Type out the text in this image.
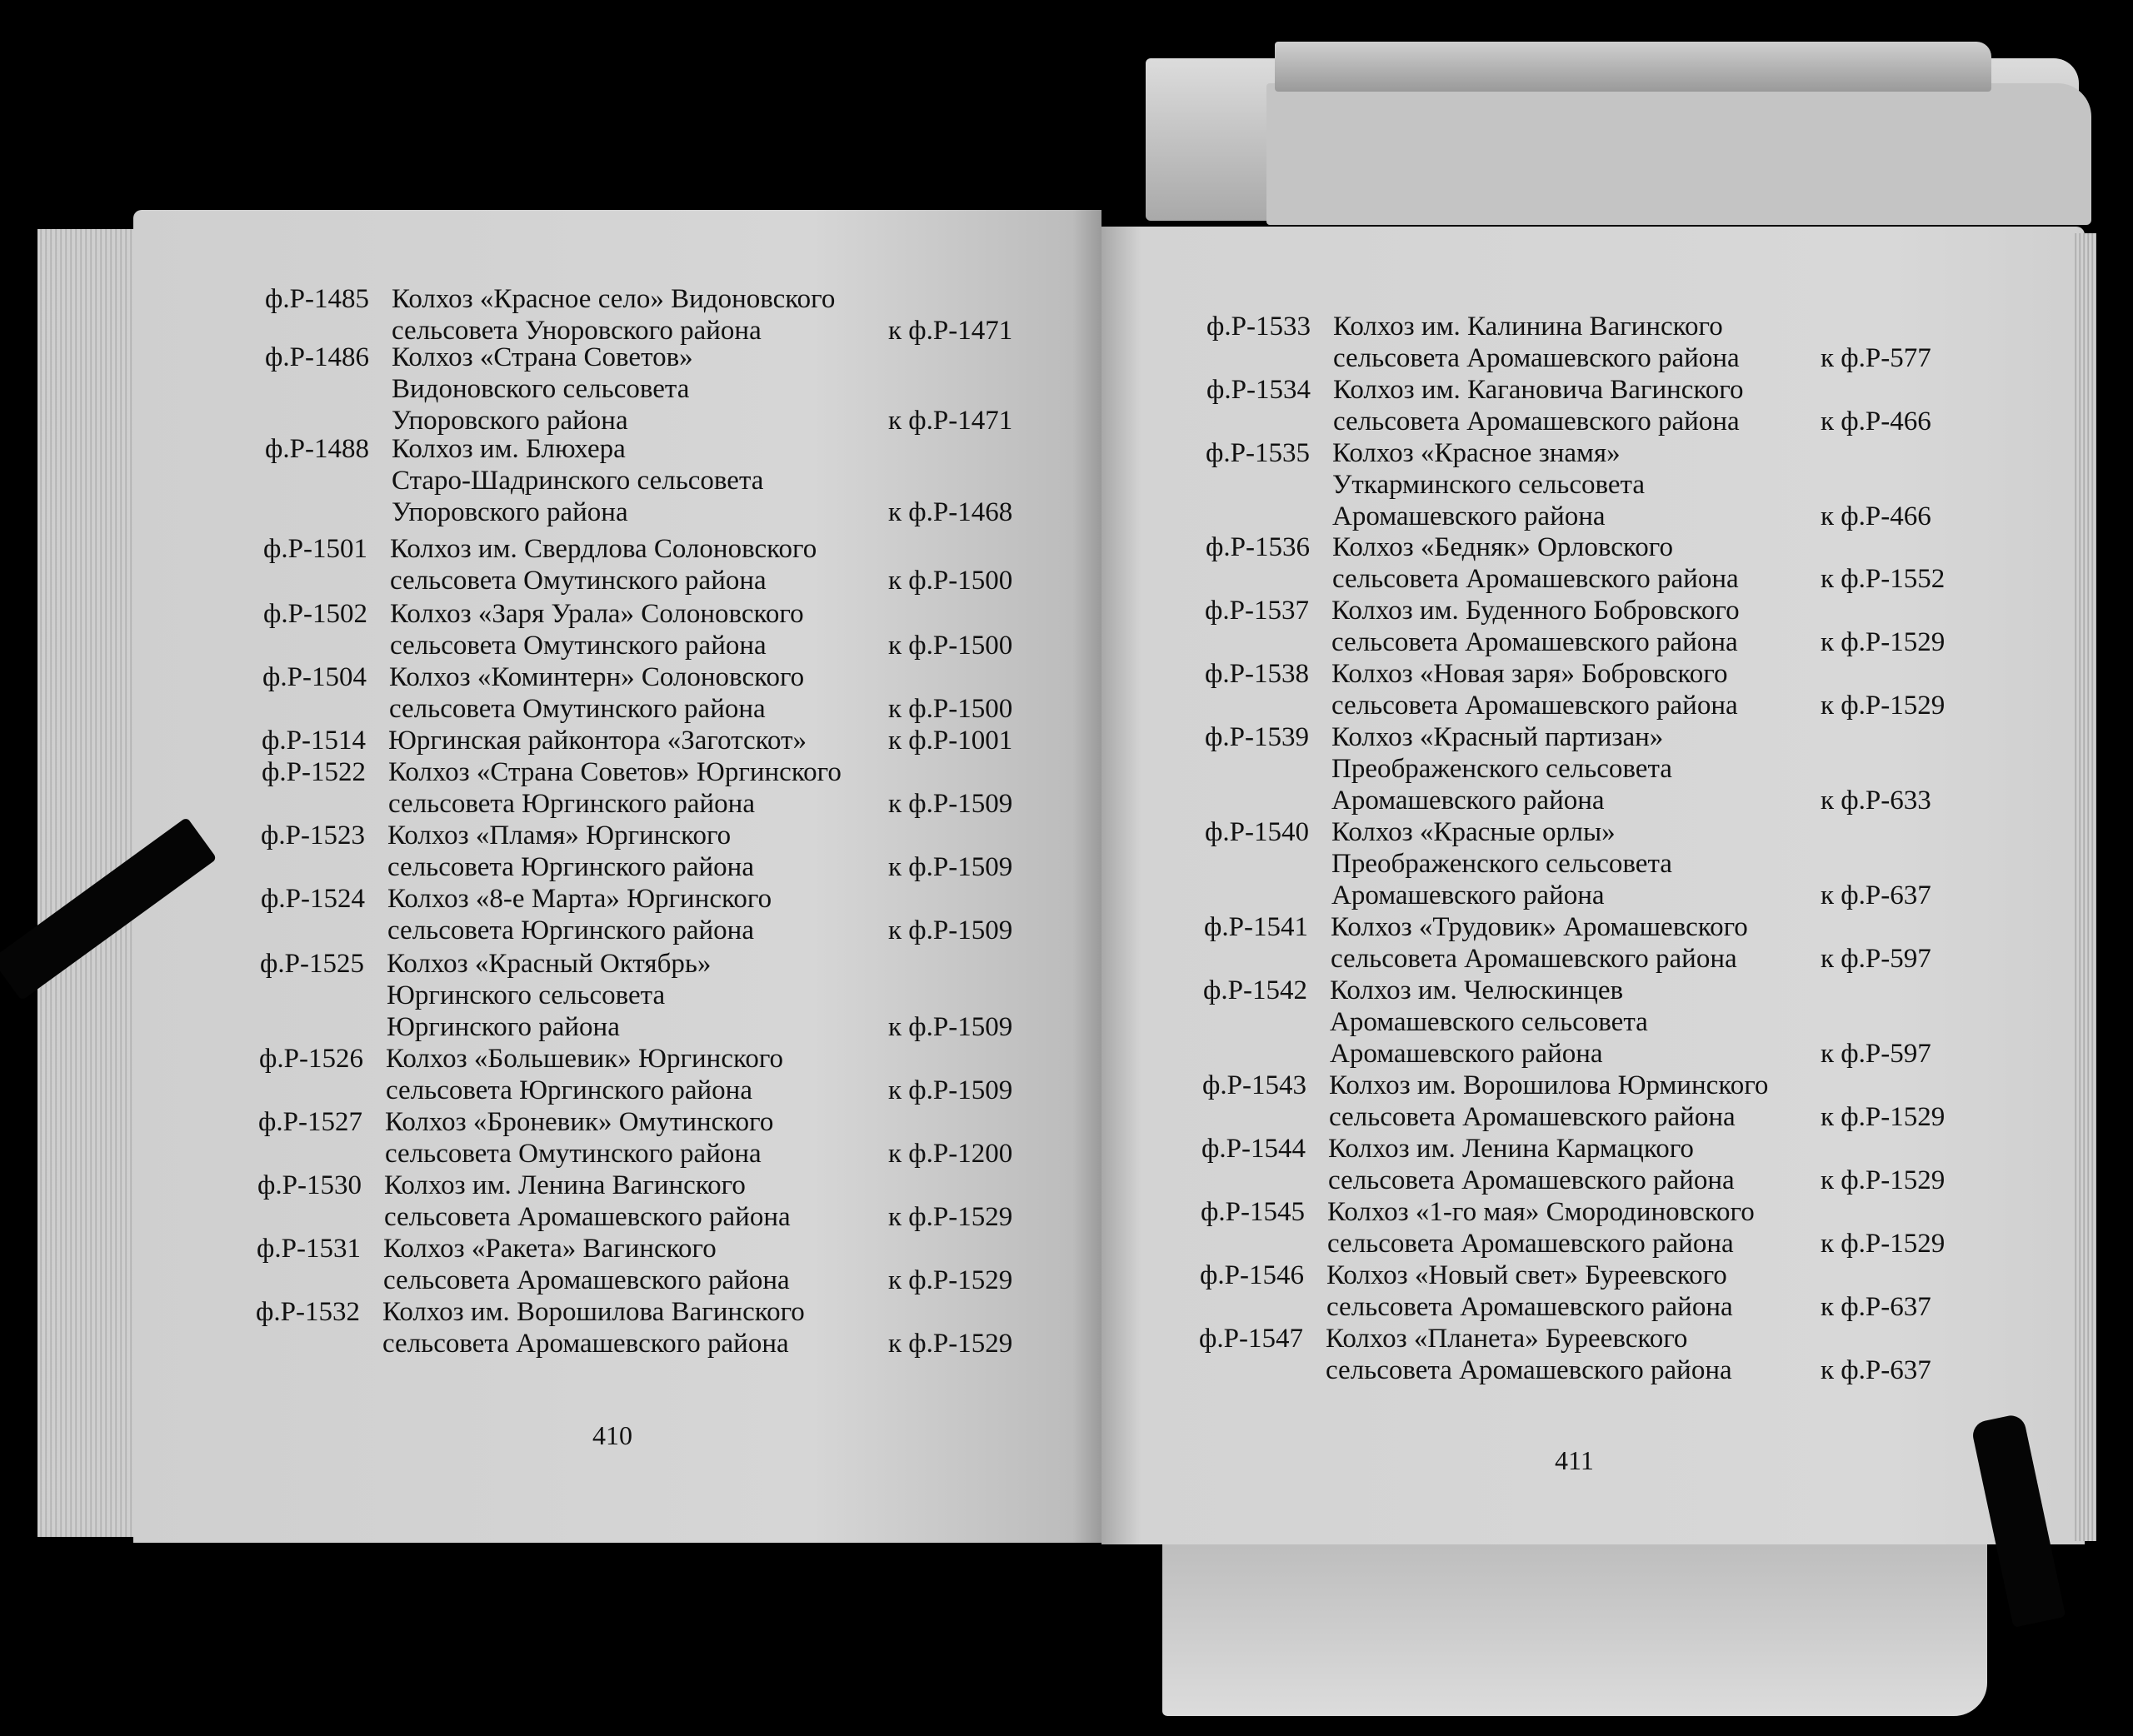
410
411
ф.Р-1485 Колхоз «Красное село» Видоновского
сельсовета Уноровского района	к ф.Р-1471
ф.Р-1486 Колхоз «Страна Советов»
Видоновского сельсовета
Упоровского района	к ф.Р-1471
ф.Р-1488 Колхоз им. Блюхера
Старо-Шадринского сельсовета
Упоровского района	к ф.Р-1468
ф.Р-1501 Колхоз им. Свердлова Солоновского
сельсовета Омутинского района	к ф.Р-1500
ф.Р-1502 Колхоз «Заря Урала» Солоновского
сельсовета Омутинского района	к ф.Р-1500
ф.Р-1504 Колхоз «Коминтерн» Солоновского
сельсовета Омутинского района	к ф.Р-1500
ф.Р-1514 Юргинская райконтора «Заготскот»	к ф.Р-1001
ф.Р-1522 Колхоз «Страна Советов» Юргинского
сельсовета Юргинского района	к ф.Р-1509
ф.Р-1523 Колхоз «Пламя» Юргинского
сельсовета Юргинского района	к ф.Р-1509
ф.Р-1524 Колхоз «8-е Марта» Юргинского
сельсовета Юргинского района	к ф.Р-1509
ф.Р-1525 Колхоз «Красный Октябрь»
Юргинского сельсовета
Юргинского района	к ф.Р-1509
ф.Р-1526 Колхоз «Большевик» Юргинского
сельсовета Юргинского района	к ф.Р-1509
ф.Р-1527 Колхоз «Броневик» Омутинского
сельсовета Омутинского района	к ф.Р-1200
ф.Р-1530 Колхоз им. Ленина Вагинского
сельсовета Аромашевского района	к ф.Р-1529
ф.Р-1531 Колхоз «Ракета» Вагинского
сельсовета Аромашевского района	к ф.Р-1529
ф.Р-1532 Колхоз им. Ворошилова Вагинского
сельсовета Аромашевского района	к ф.Р-1529
ф.Р-1533 Колхоз им. Калинина Вагинского
сельсовета Аромашевского района	к ф.Р-577
ф.Р-1534 Колхоз им. Кагановича Вагинского
сельсовета Аромашевского района	к ф.Р-466
ф.Р-1535 Колхоз «Красное знамя»
Уткарминского сельсовета
Аромашевского района	к ф.Р-466
ф.Р-1536 Колхоз «Бедняк» Орловского
сельсовета Аромашевского района	к ф.Р-1552
ф.Р-1537 Колхоз им. Буденного Бобровского
сельсовета Аромашевского района	к ф.Р-1529
ф.Р-1538 Колхоз «Новая заря» Бобровского
сельсовета Аромашевского района	к ф.Р-1529
ф.Р-1539 Колхоз «Красный партизан»
Преображенского сельсовета
Аромашевского района	к ф.Р-633
ф.Р-1540 Колхоз «Красные орлы»
Преображенского сельсовета
Аромашевского района	к ф.Р-637
ф.Р-1541 Колхоз «Трудовик» Аромашевского
сельсовета Аромашевского района	к ф.Р-597
ф.Р-1542 Колхоз им. Челюскинцев
Аромашевского сельсовета
Аромашевского района	к ф.Р-597
ф.Р-1543 Колхоз им. Ворошилова Юрминского
сельсовета Аромашевского района	к ф.Р-1529
ф.Р-1544 Колхоз им. Ленина Кармацкого
сельсовета Аромашевского района	к ф.Р-1529
ф.Р-1545 Колхоз «1-го мая» Смородиновского
сельсовета Аромашевского района	к ф.Р-1529
ф.Р-1546 Колхоз «Новый свет» Буреевского
сельсовета Аромашевского района	к ф.Р-637
ф.Р-1547 Колхоз «Планета» Буреевского
сельсовета Аромашевского района	к ф.Р-637
